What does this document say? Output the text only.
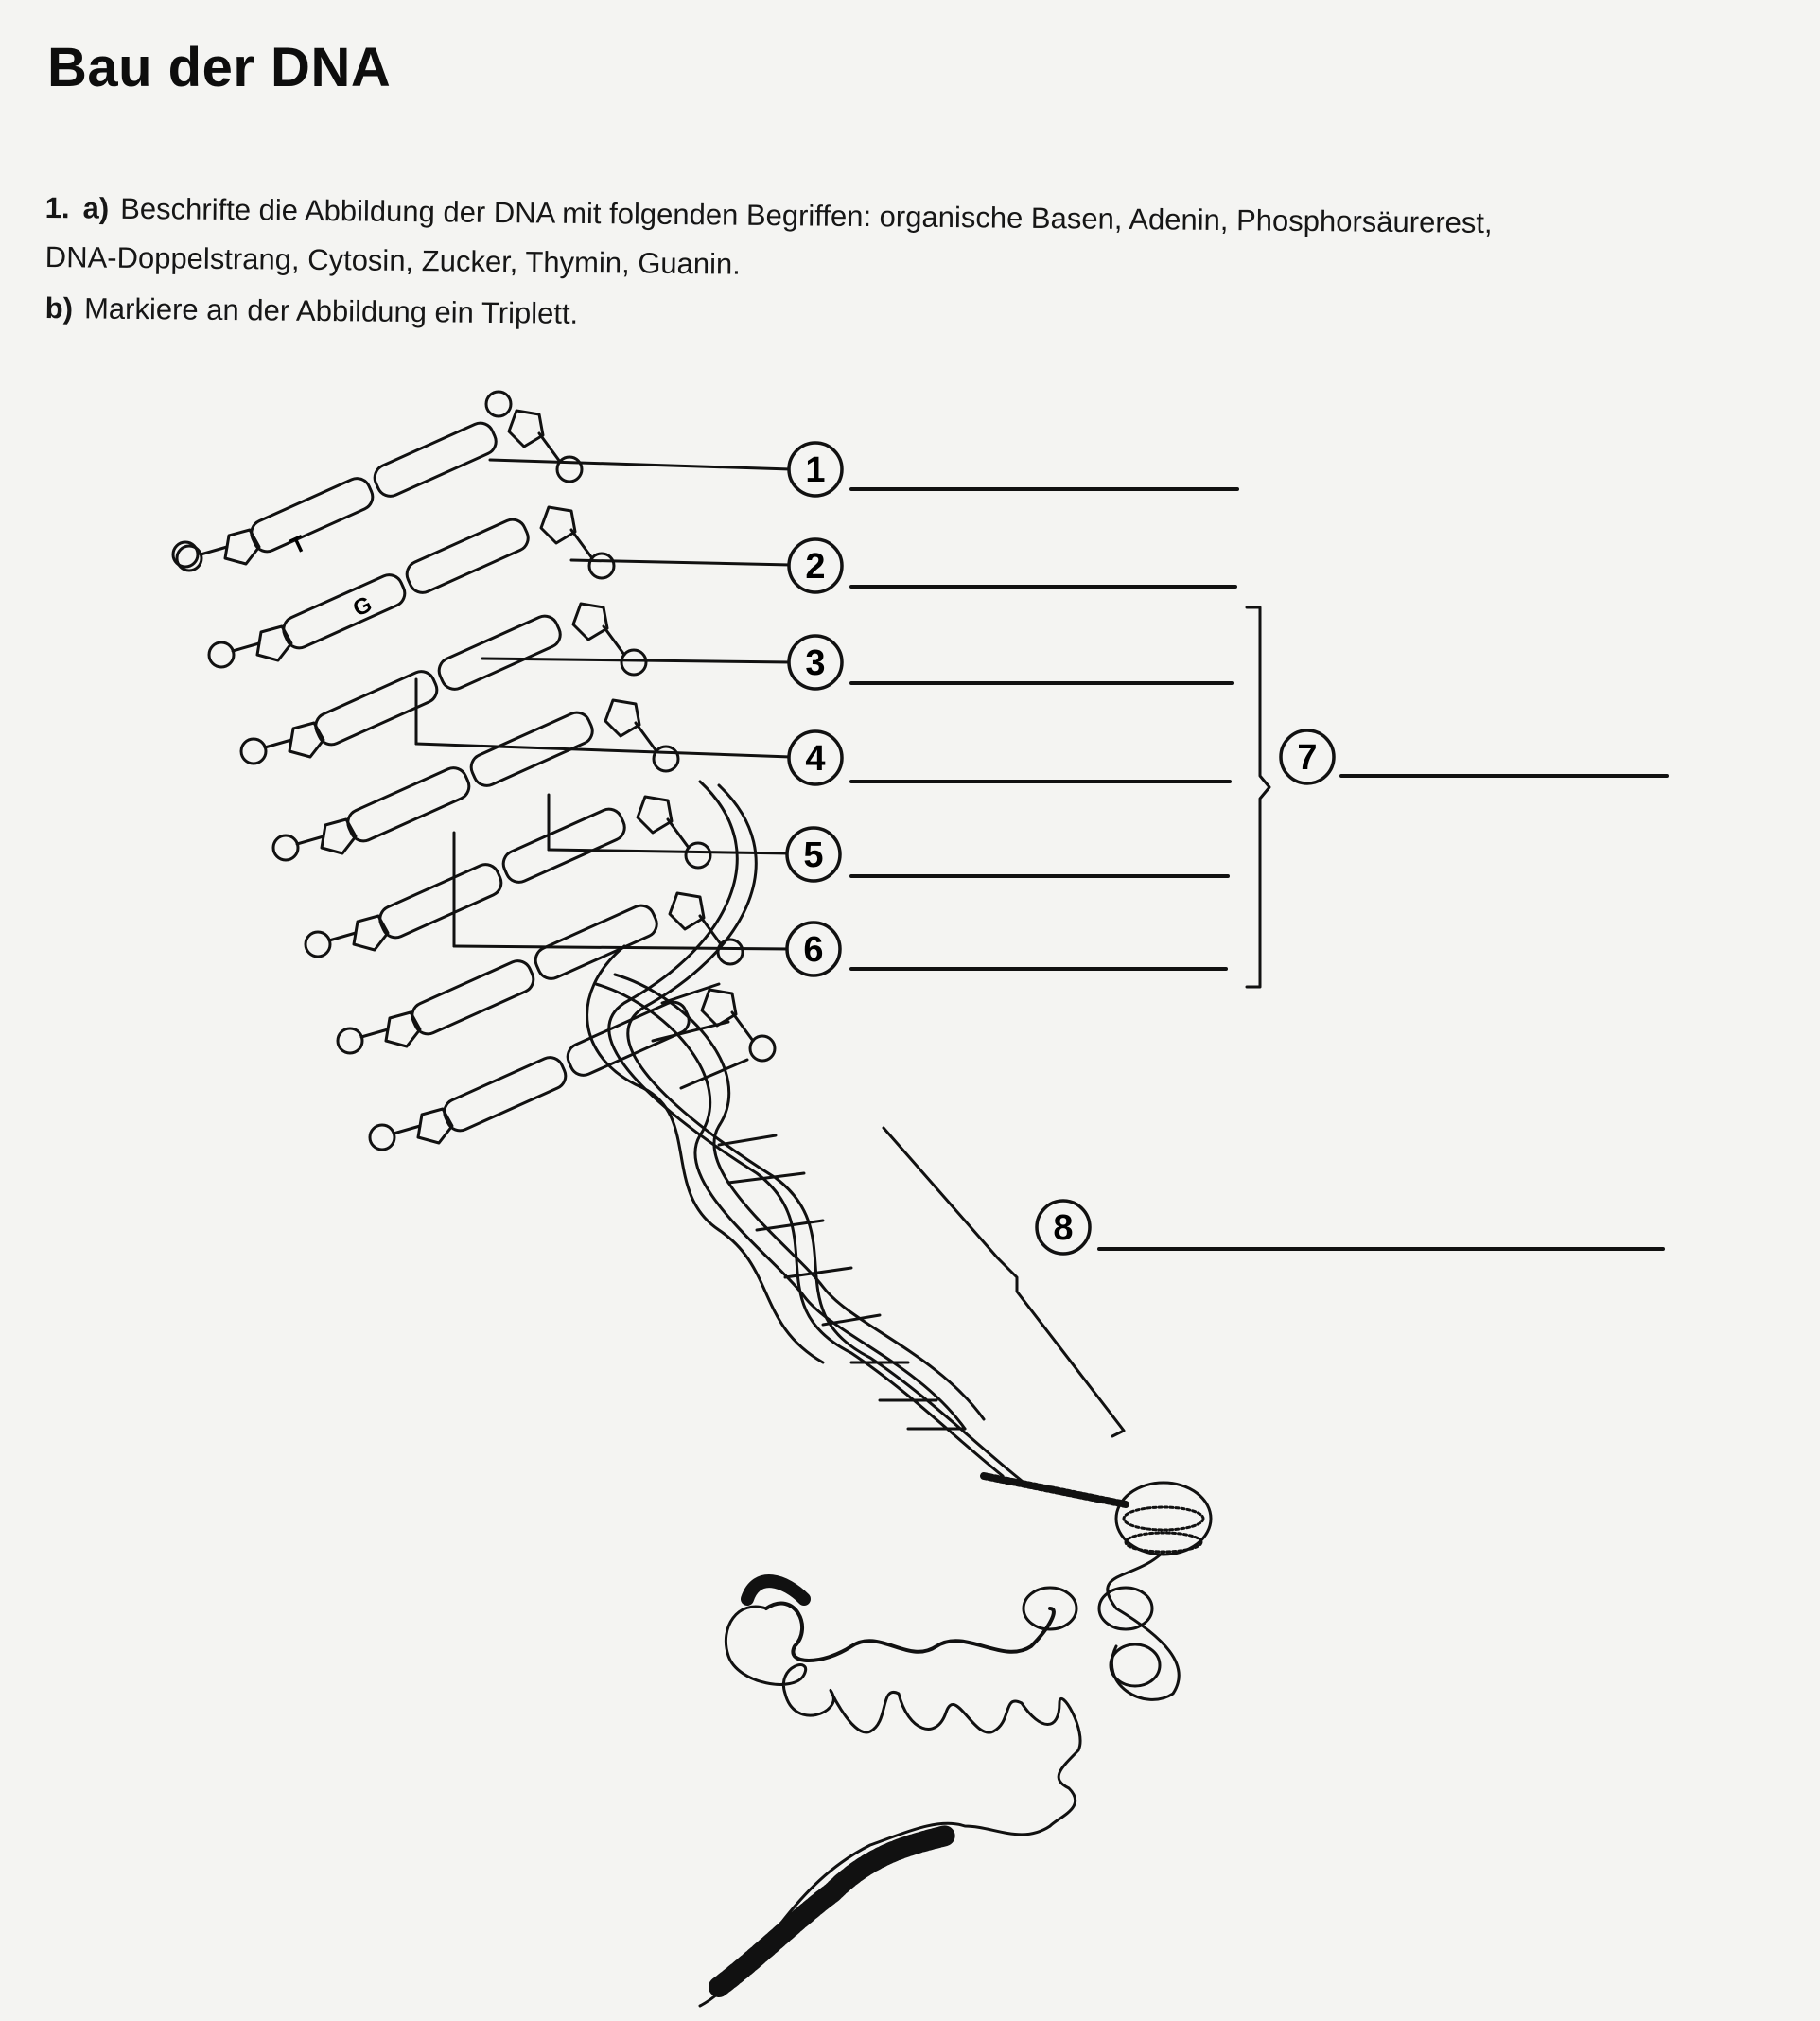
Bau der DNA
1. a) Beschrifte die Abbildung der DNA mit folgenden Begriffen: organische Basen, Adenin, Phosphorsäurerest,
DNA-Doppelstrang, Cytosin, Zucker, Thymin, Guanin.
b) Markiere an der Abbildung ein Triplett.
T
G
1
2
3
4
5
6
7
8
